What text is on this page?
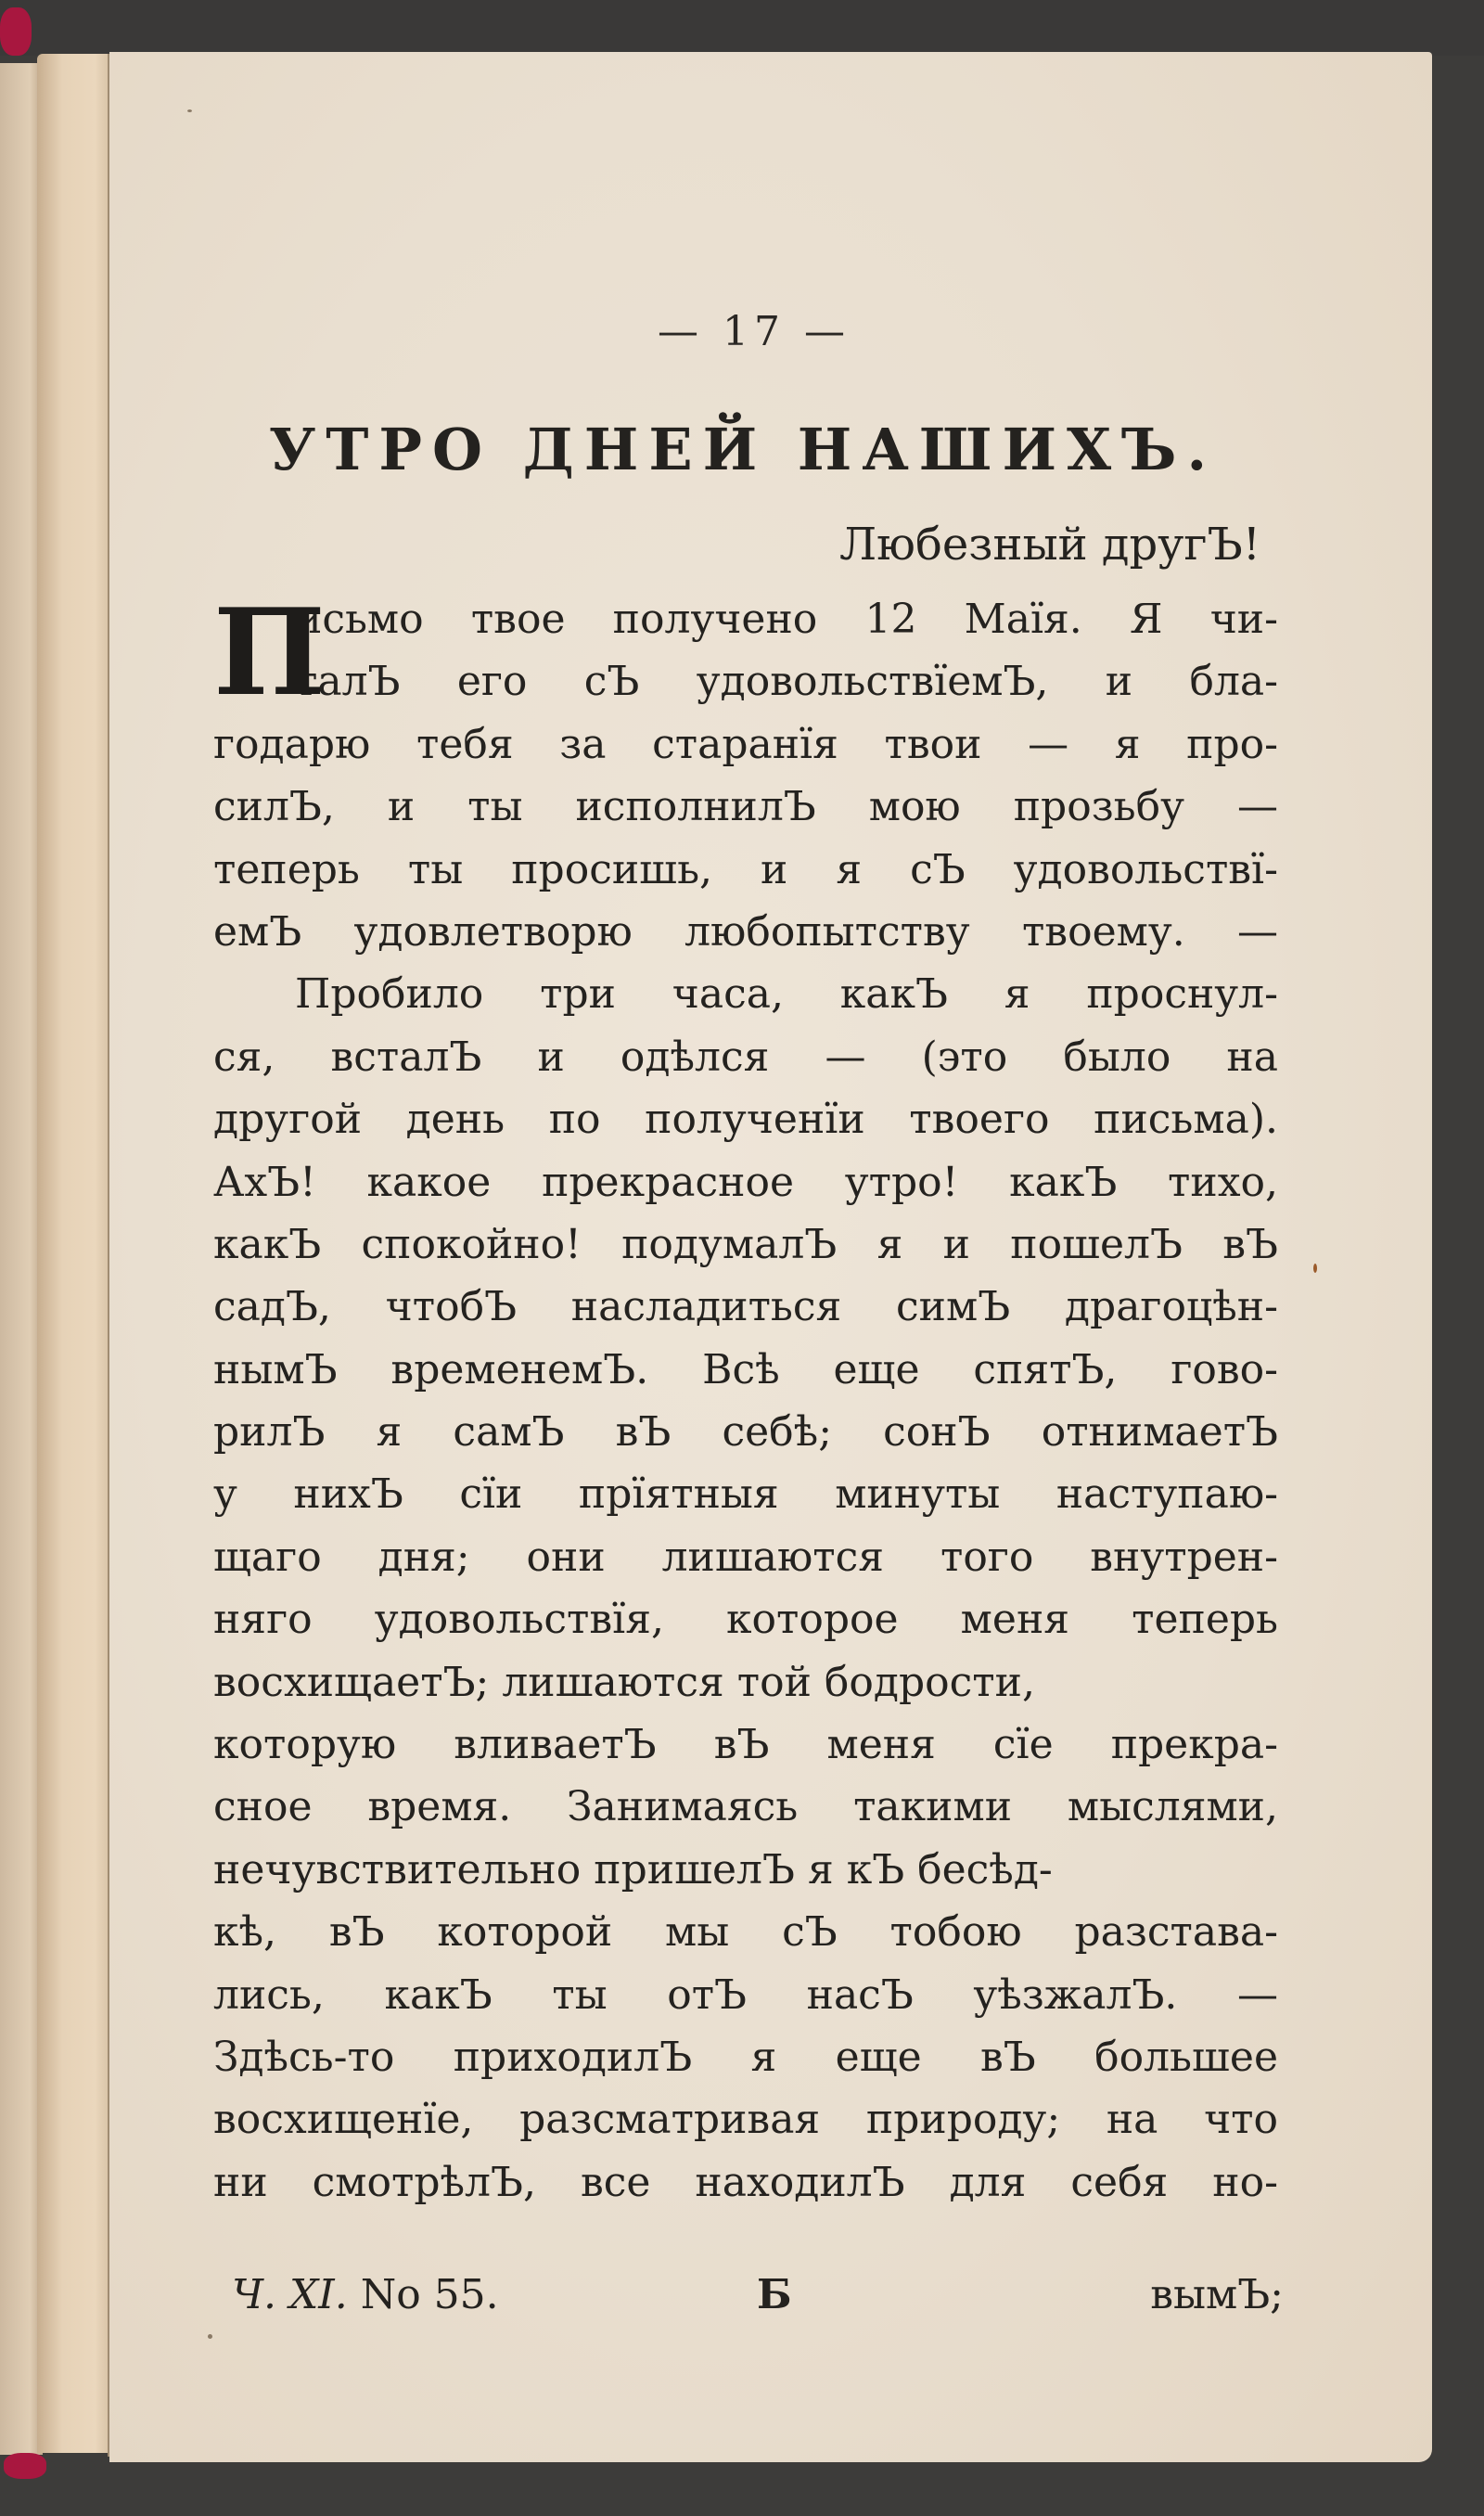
— 17 —
УТРО ДНЕЙ НАШИХЪ.
Любезный другЪ!
П
исьмо твое получено 12 Маїя. Я чи-
талЪ его сЪ удовольствїемЪ, и бла-
годарю тебя за старанїя твои — я про-
силЪ, и ты исполнилЪ мою прозьбу —
теперь ты просишь, и я сЪ удовольствї-
емЪ удовлетворю любопытству твоему. —
Пробило три часа, какЪ я проснул-
ся, всталЪ и одѣлся — (это было на
другой день по полученїи твоего письма).
АхЪ! какое прекрасное утро! какЪ тихо,
какЪ спокойно! подумалЪ я и пошелЪ вЪ
садЪ, чтобЪ насладиться симЪ драгоцѣн-
нымЪ временемЪ. Всѣ еще спятЪ, гово-
рилЪ я самЪ вЪ себѣ; сонЪ отнимаетЪ
у нихЪ сїи прїятныя минуты наступаю-
щаго дня; они лишаются того внутрен-
няго удовольствїя, которое меня теперь
восхищаетЪ; лишаются той бодрости,
которую вливаетЪ вЪ меня сїе прекра-
сное время. Занимаясь такими мыслями,
нечувствительно пришелЪ я кЪ бесѣд-
кѣ, вЪ которой мы сЪ тобою разстава-
лись, какЪ ты отЪ насЪ уѣзжалЪ. —
Здѣсь-то приходилЪ я еще вЪ большее
восхищенїе, разсматривая природу; на что
ни смотрѣлЪ, все находилЪ для себя но-
Ч. XI. No 55.	Б	вымЪ;
